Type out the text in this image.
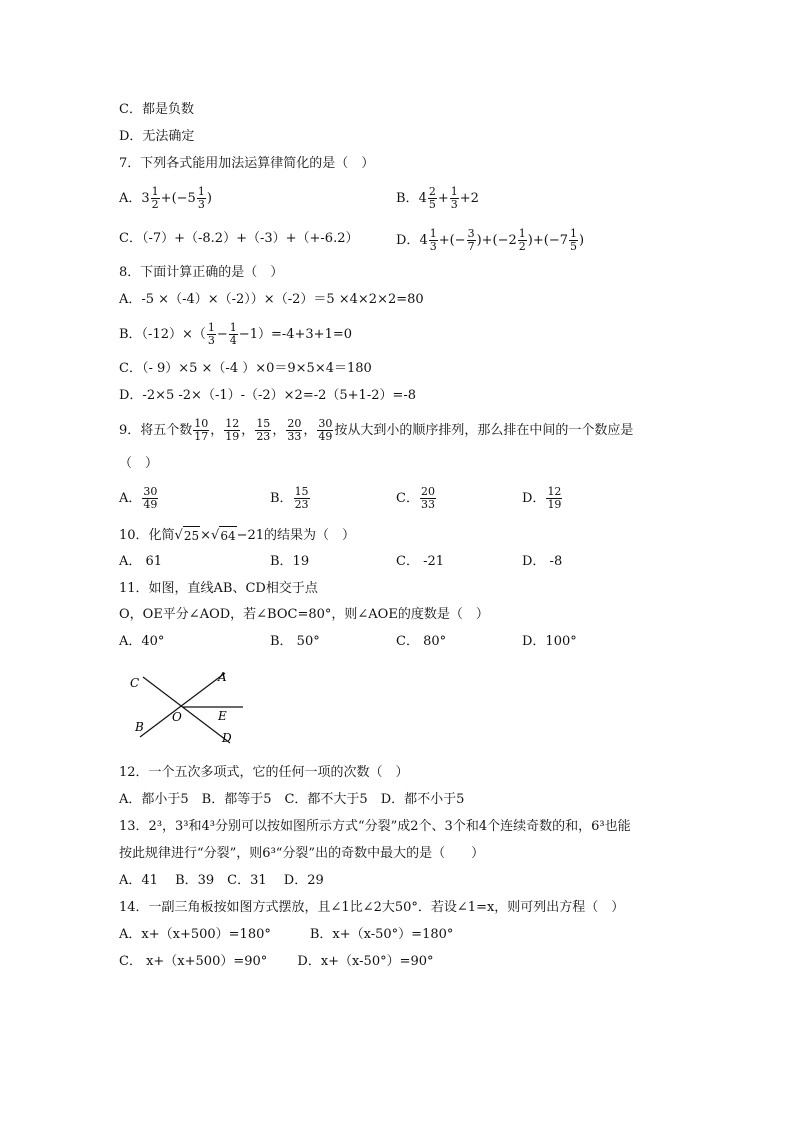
C．都是负数
D．无法确定
7．下列各式能用加法运算律简化的是（　）
A． $3 \frac{1}{2} +(-5 \frac{1}{3}$ )	B． $4 \frac{2}{5} + \frac{1}{3} +2$
C．（-7）+（-8.2）+（-3）+（+-6.2）	D． $4 \frac{1}{3}$ +(− $\frac{3}{7} )+(-2 \frac{1}{2} )+(-7 \frac{1}{5}$ )
8．下面计算正确的是（　）
A．-5 ×（-4）×（-2））×（-2）＝5 ×4×2×2=80
B．$(-12)\times( \frac{1}{3} - \frac{1}{4} -1)=-4+3+1=0$
C．（- 9）×5 ×（-4 ）×0＝9×5×4＝180
D．-2×5 -2×（-1）-（-2）×2=-2（5+1-2）=-8
9．将五个数 $\frac{10}{17}$ ， $\frac{12}{19}$ ， $\frac{15}{23}$ ， $\frac{20}{33}$ ， $\frac{30}{49}$ 按从大到小的顺序排列，那么排在中间的一个数应是
（　）
A． $\frac{30}{49}$	B． $\frac{15}{23}$	C． $\frac{20}{33}$	D． $\frac{12}{19}$
10．化简 √ 25 × √ 64 −21的结果为（　）
A． 61	B．19	C． -21	D． -8
11．如图，直线AB、CD相交于点
O，OE平分∠AOD，若∠BOC=80°，则∠AOE的度数是（　）
A．40°	B． 50°	C． 80°	D．100°
C	A
B
O	E
D
12．一个五次多项式，它的任何一项的次数（　）
A．都小于5　B．都等于5　C．都不大于5　D．都不小于5
13．2³，3³和4³分别可以按如图所示方式“分裂”成2个、3个和4个连续奇数的和，6³也能
按此规律进行“分裂”，则6³“分裂”出的奇数中最大的是（　　）
A．41　 B．39　C．31　 D．29
14．一副三角板按如图方式摆放，且∠1比∠2大50°．若设∠1=x，则可列出方程（　）
A．x+（x+500）=180°　　　B．x+（x-50°）=180°
C． x+（x+500）=90°　　 D．x+（x-50°）=90°
